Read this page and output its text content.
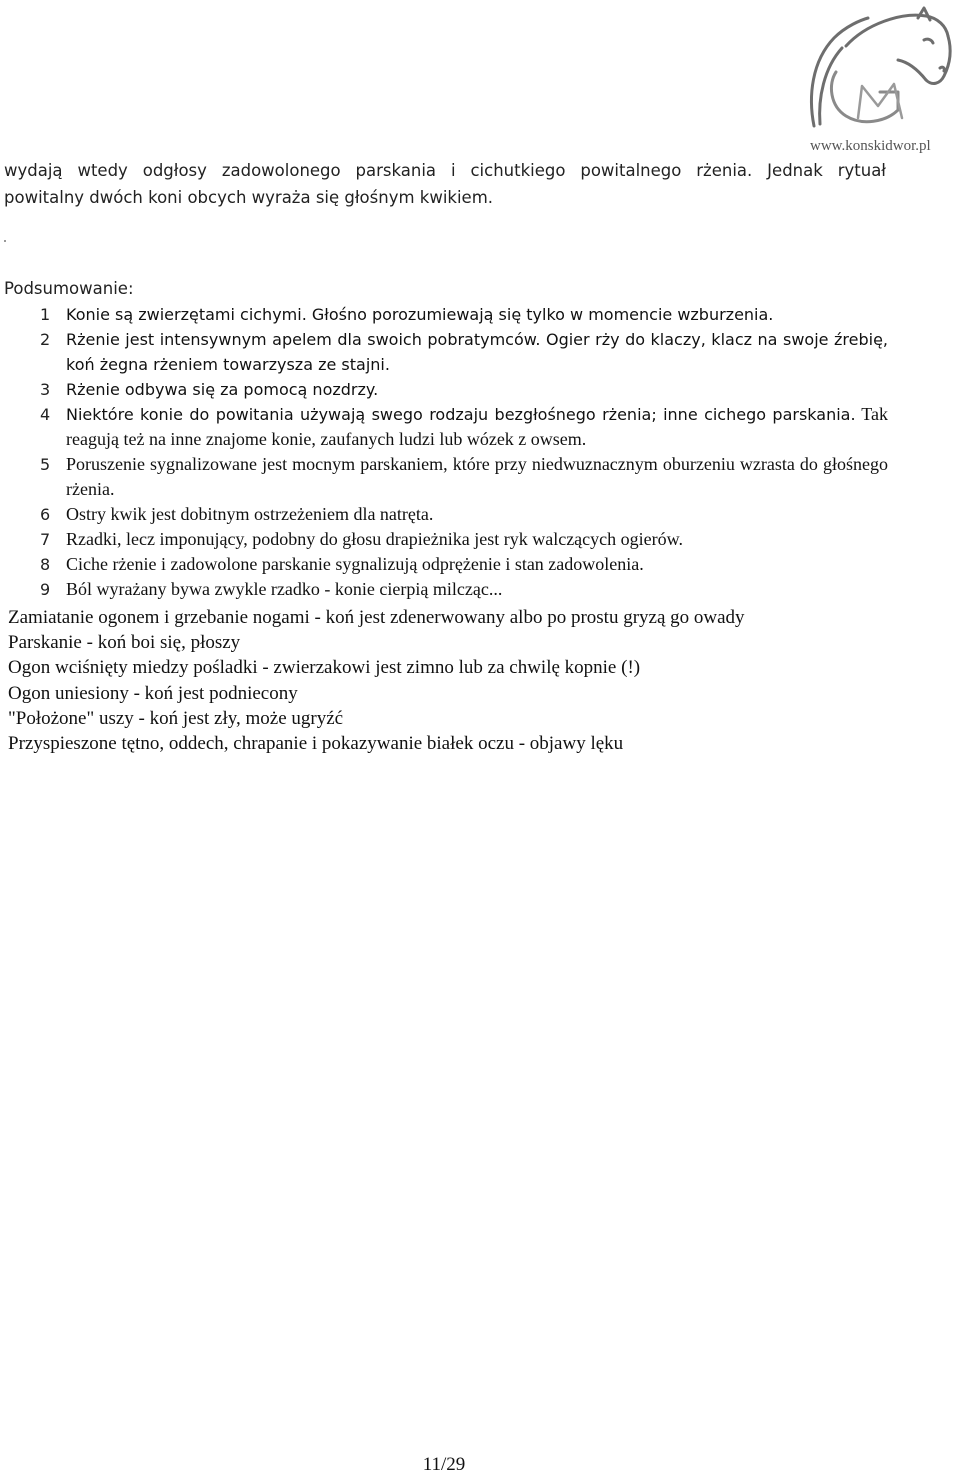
www.konskidwor.pl

wydają wtedy odgłosy zadowolonego parskania i cichutkiego powitalnego rżenia. Jednak rytuał
powitalny dwóch koni obcych wyraża się głośnym kwikiem.

Podsumowanie:

1 Konie są zwierzętami cichymi. Głośno porozumiewają się tylko w momencie wzburzenia.
2 Rżenie jest intensywnym apelem dla swoich pobratymców. Ogier rży do klaczy, klacz na swoje źrebię, koń żegna rżeniem towarzysza ze stajni.
3 Rżenie odbywa się za pomocą nozdrzy.
4 Niektóre konie do powitania używają swego rodzaju bezgłośnego rżenia; inne cichego parskania. Tak reagują też na inne znajome konie, zaufanych ludzi lub wózek z owsem.
5 Poruszenie sygnalizowane jest mocnym parskaniem, które przy niedwuznacznym oburzeniu wzrasta do głośnego rżenia.
6 Ostry kwik jest dobitnym ostrzeżeniem dla natręta.
7 Rzadki, lecz imponujący, podobny do głosu drapieżnika jest ryk walczących ogierów.
8 Ciche rżenie i zadowolone parskanie sygnalizują odprężenie i stan zadowolenia.
9 Ból wyrażany bywa zwykle rzadko - konie cierpią milcząc...
Zamiatanie ogonem i grzebanie nogami - koń jest zdenerwowany albo po prostu gryzą go owady
Parskanie - koń boi się, płoszy
Ogon wciśnięty miedzy pośladki - zwierzakowi jest zimno lub za chwilę kopnie (!)
Ogon uniesiony - koń jest podniecony
"Położone" uszy - koń jest zły, może ugryźć
Przyspieszone tętno, oddech, chrapanie i pokazywanie białek oczu - objawy lęku
11/29
